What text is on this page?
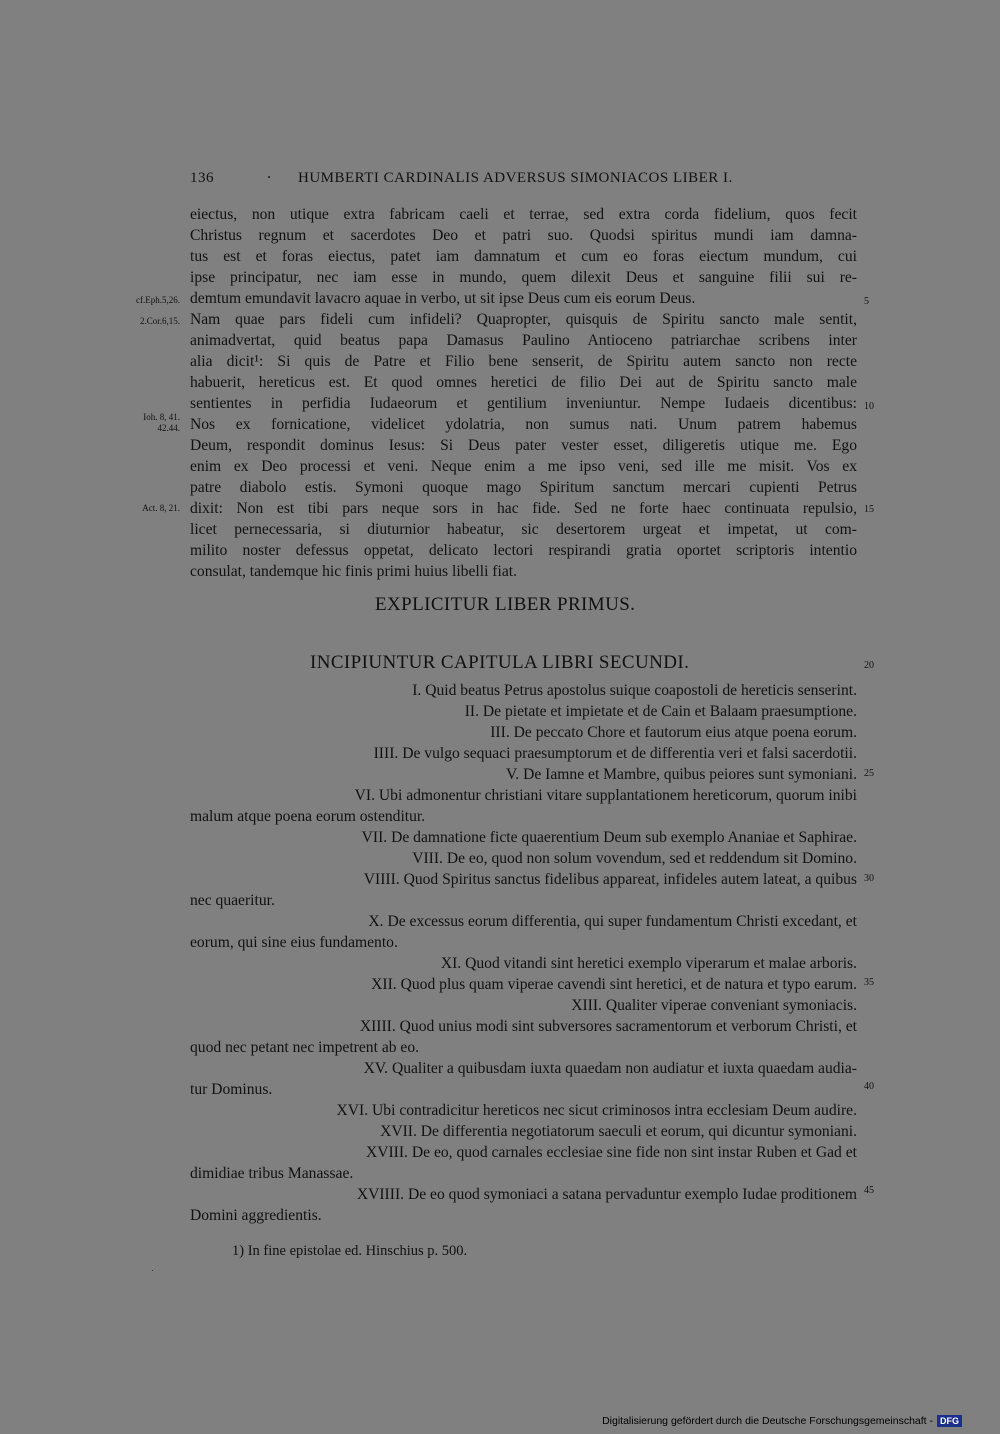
136	HUMBERTI CARDINALIS ADVERSUS SIMONIACOS LIBER I.
eiectus, non utique extra fabricam caeli et terrae, sed extra corda fidelium, quos fecit
Christus regnum et sacerdotes Deo et patri suo. Quodsi spiritus mundi iam damna-
tus est et foras eiectus, patet iam damnatum et cum eo foras eiectum mundum, cui
ipse principatur, nec iam esse in mundo, quem dilexit Deus et sanguine filii sui re-
demtum emundavit lavacro aquae in verbo, ut sit ipse Deus cum eis eorum Deus.
Nam quae pars fideli cum infideli? Quapropter, quisquis de Spiritu sancto male sentit,
animadvertat, quid beatus papa Damasus Paulino Antioceno patriarchae scribens inter
alia dicit¹: Si quis de Patre et Filio bene senserit, de Spiritu autem sancto non recte
habuerit, hereticus est. Et quod omnes heretici de filio Dei aut de Spiritu sancto male
sentientes in perfidia Iudaeorum et gentilium inveniuntur. Nempe Iudaeis dicentibus:
Nos ex fornicatione, videlicet ydolatria, non sumus nati. Unum patrem habemus
Deum, respondit dominus Iesus: Si Deus pater vester esset, diligeretis utique me. Ego
enim ex Deo processi et veni. Neque enim a me ipso veni, sed ille me misit. Vos ex
patre diabolo estis. Symoni quoque mago Spiritum sanctum mercari cupienti Petrus
dixit: Non est tibi pars neque sors in hac fide. Sed ne forte haec continuata repulsio,
licet pernecessaria, si diuturnior habeatur, sic desertorem urgeat et impetat, ut com-
milito noster defessus oppetat, delicato lectori respirandi gratia oportet scriptoris intentio
consulat, tandemque hic finis primi huius libelli fiat.
cf.Eph.5,26.
2.Cor.6,15.
Ioh. 8, 41.
42.44.
Act. 8, 21.
5
10
15
20
25
30
35
40
45
EXPLICITUR LIBER PRIMUS.
INCIPIUNTUR CAPITULA LIBRI SECUNDI.
I. Quid beatus Petrus apostolus suique coapostoli de hereticis senserint.
II. De pietate et impietate et de Cain et Balaam praesumptione.
III. De peccato Chore et fautorum eius atque poena eorum.
IIII. De vulgo sequaci praesumptorum et de differentia veri et falsi sacerdotii.
V. De Iamne et Mambre, quibus peiores sunt symoniani.
VI. Ubi admonentur christiani vitare supplantationem hereticorum, quorum inibi
malum atque poena eorum ostenditur.
VII. De damnatione ficte quaerentium Deum sub exemplo Ananiae et Saphirae.
VIII. De eo, quod non solum vovendum, sed et reddendum sit Domino.
VIIII. Quod Spiritus sanctus fidelibus appareat, infideles autem lateat, a quibus
nec quaeritur.
X. De excessus eorum differentia, qui super fundamentum Christi excedant, et
eorum, qui sine eius fundamento.
XI. Quod vitandi sint heretici exemplo viperarum et malae arboris.
XII. Quod plus quam viperae cavendi sint heretici, et de natura et typo earum.
XIII. Qualiter viperae conveniant symoniacis.
XIIII. Quod unius modi sint subversores sacramentorum et verborum Christi, et
quod nec petant nec impetrent ab eo.
XV. Qualiter a quibusdam iuxta quaedam non audiatur et iuxta quaedam audia-
tur Dominus.
XVI. Ubi contradicitur hereticos nec sicut criminosos intra ecclesiam Deum audire.
XVII. De differentia negotiatorum saeculi et eorum, qui dicuntur symoniani.
XVIII. De eo, quod carnales ecclesiae sine fide non sint instar Ruben et Gad et
dimidiae tribus Manassae.
XVIIII. De eo quod symoniaci a satana pervaduntur exemplo Iudae proditionem
Domini aggredientis.
1) In fine epistolae ed. Hinschius p. 500.
Digitalisierung gefördert durch die Deutsche Forschungsgemeinschaft - DFG
